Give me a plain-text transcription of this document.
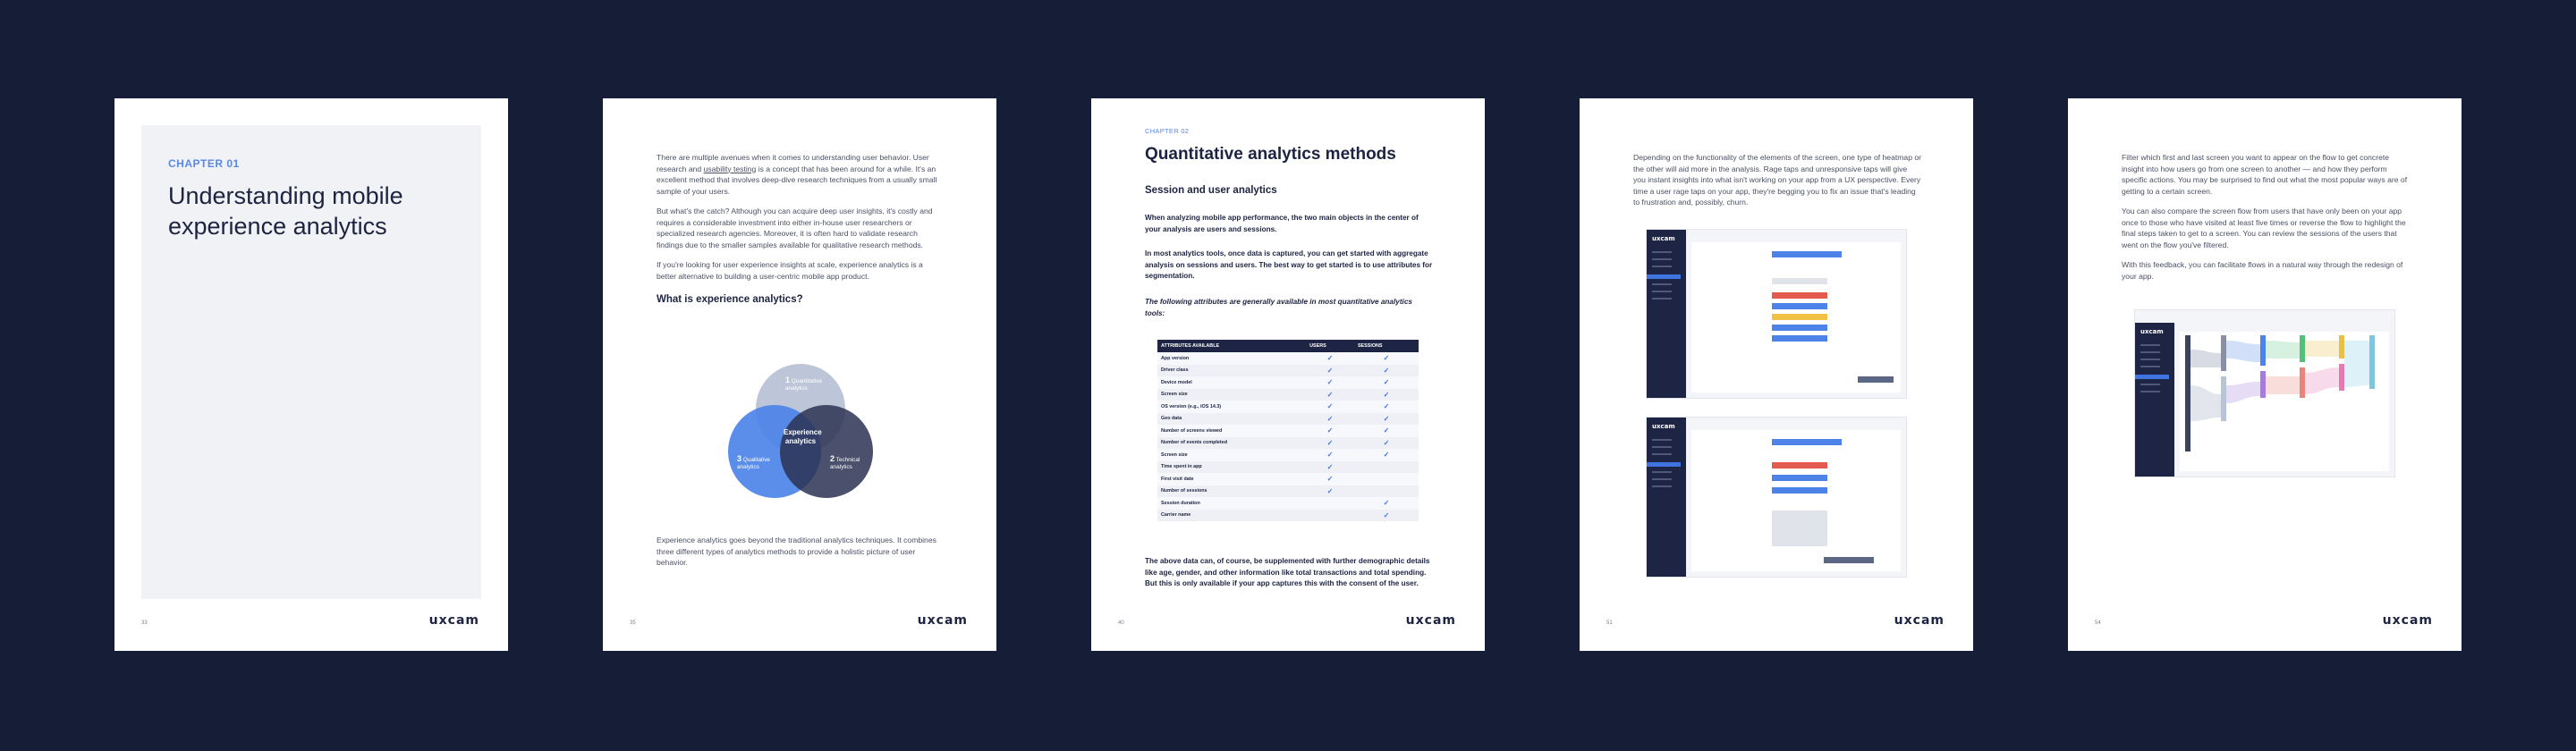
CHAPTER 01
Understanding mobile experience analytics
33	uxcam

There are multiple avenues when it comes to understanding user behavior. User research and usability testing is a concept that has been around for a while. It's an excellent method that involves deep-dive research techniques from a usually small sample of your users.

But what's the catch? Although you can acquire deep user insights, it's costly and requires a considerable investment into either in-house user researchers or specialized research agencies. Moreover, it is often hard to validate research findings due to the smaller samples available for qualitative research methods.

If you're looking for user experience insights at scale, experience analytics is a better alternative to building a user-centric mobile app product.

What is experience analytics?
Experience analytics
1 Quantitative analytics
3 Qualitative analytics
2 Technical analytics

Experience analytics goes beyond the traditional analytics techniques. It combines three different types of analytics methods to provide a holistic picture of user behavior.

35	uxcam
CHAPTER 02
Quantitative analytics methods
Session and user analytics
When analyzing mobile app performance, the two main objects in the center of your analysis are users and sessions.
In most analytics tools, once data is captured, you can get started with aggregate analysis on sessions and users. The best way to get started is to use attributes for segmentation.
The following attributes are generally available in most quantitative analytics tools:
ATTRIBUTES AVAILABLE	USERS	SESSIONS
App version	✓	✓
Driver class	✓	✓
Device model	✓	✓
Screen size	✓	✓
OS version (e.g., iOS 14.3)	✓	✓
Geo data	✓	✓
Number of screens viewed	✓	✓
Number of events completed	✓	✓
Screen size	✓	✓
Time spent in app	✓	
First visit date	✓	
Number of sessions	✓	
Session duration		✓
Carrier name		✓
The above data can, of course, be supplemented with further demographic details like age, gender, and other information like total transactions and total spending. But this is only available if your app captures this with the consent of the user.
40	uxcam

Depending on the functionality of the elements of the screen, one type of heatmap or the other will aid more in the analysis. Rage taps and unresponsive taps will give you instant insights into what isn't working on your app from a UX perspective. Every time a user rage taps on your app, they're begging you to fix an issue that's leading to frustration and, possibly, churn.

uxcam
uxcam
51	uxcam

Filter which first and last screen you want to appear on the flow to get concrete insight into how users go from one screen to another — and how they perform specific actions. You may be surprised to find out what the most popular ways are of getting to a certain screen.

You can also compare the screen flow from users that have only been on your app once to those who have visited at least five times or reverse the flow to highlight the final steps taken to get to a screen. You can review the sessions of the users that went on the flow you've filtered.

With this feedback, you can facilitate flows in a natural way through the redesign of your app.

uxcam
54	uxcam
